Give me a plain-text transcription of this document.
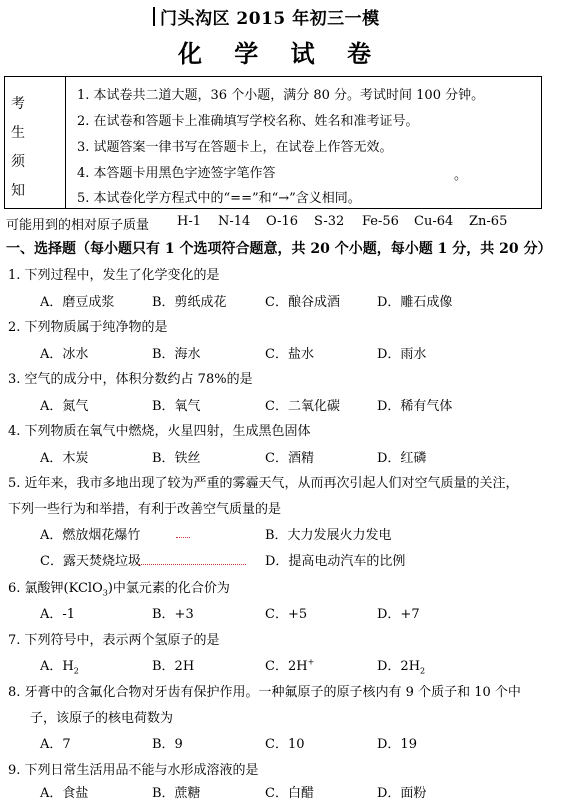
门头沟区 2015 年初三一模
化 学 试 卷
考
生
须
知
1. 本试卷共二道大题，36 个小题，满分 80 分。考试时间 100 分钟。
2. 在试卷和答题卡上准确填写学校名称、姓名和准考证号。
3. 试题答案一律书写在答题卡上，在试卷上作答无效。
4. 本答题卡用黑色字迹签字笔作答	。
5. 本试卷化学方程式中的“==”和“→”含义相同。
可能用到的相对原子质量 H-1 N-14 O-16 S-32 Fe-56 Cu-64 Zn-65
一、选择题（每小题只有 1 个选项符合题意，共 20 个小题，每小题 1 分，共 20 分）
1. 下列过程中，发生了化学变化的是
A．磨豆成浆	B．剪纸成花	C．酿谷成酒	D．雕石成像
2. 下列物质属于纯净物的是
A．冰水	B．海水	C．盐水	D．雨水
3. 空气的成分中，体积分数约占 78%的是
A．氮气	B．氧气	C．二氧化碳	D．稀有气体
4. 下列物质在氧气中燃烧，火星四射，生成黑色固体
A．木炭	B．铁丝	C．酒精	D．红磷
5. 近年来，我市多地出现了较为严重的雾霾天气，从而再次引起人们对空气质量的关注，
下列一些行为和举措，有利于改善空气质量的是
A．燃放烟花爆竹	B．大力发展火力发电
C．露天焚烧垃圾	D．提高电动汽车的比例
6. 氯酸钾(KClO$_3$)中氯元素的化合价为
A．-1	B．+3	C．+5	D．+7
7. 下列符号中，表示两个氢原子的是
A．$H_2$	B．2H	C．2H+	D．$2H_2$
8. 牙膏中的含氟化合物对牙齿有保护作用。一种氟原子的原子核内有 9 个质子和 10 个中
子，该原子的核电荷数为
A．7	B．9	C．10	D．19
9. 下列日常生活用品不能与水形成溶液的是
A．食盐	B．蔗糖	C．白醋	D．面粉
